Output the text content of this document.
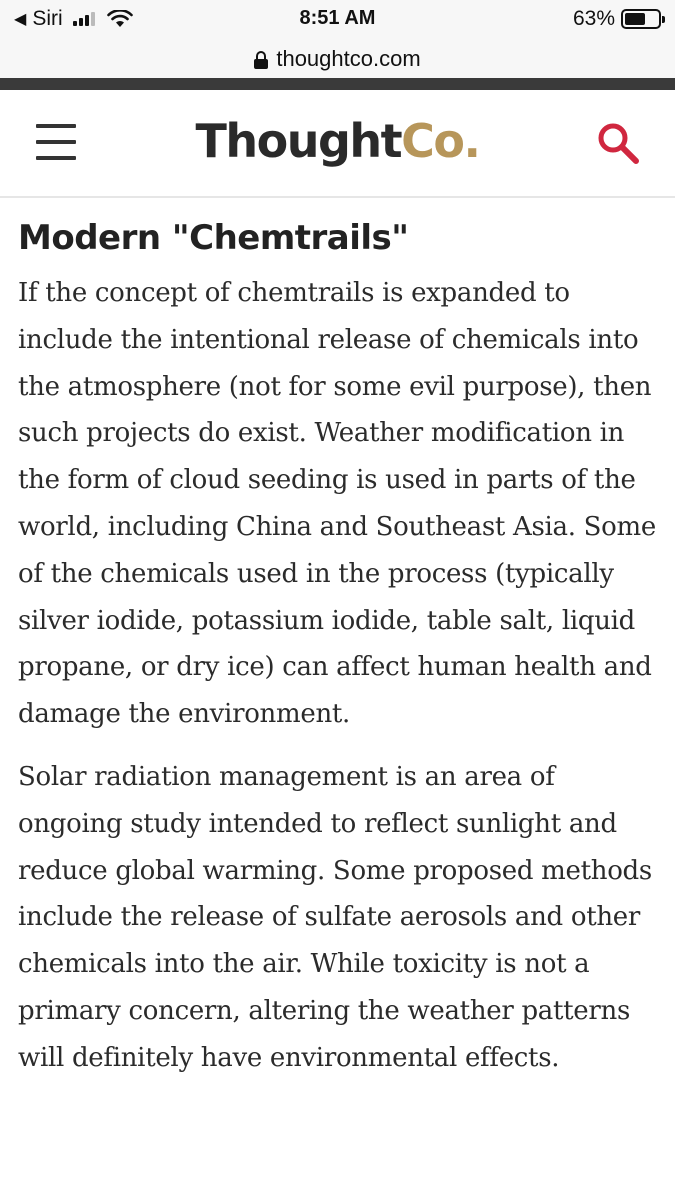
◀ Siri	8:51 AM	63%
thoughtco.com
ThoughtCo.
Modern "Chemtrails"

If the concept of chemtrails is expanded to include the intentional release of chemicals into the atmosphere (not for some evil purpose), then such projects do exist. Weather modification in the form of cloud seeding is used in parts of the world, including China and Southeast Asia. Some of the chemicals used in the process (typically silver iodide, potassium iodide, table salt, liquid propane, or dry ice) can affect human health and damage the environment.

Solar radiation management is an area of ongoing study intended to reflect sunlight and reduce global warming. Some proposed methods include the release of sulfate aerosols and other chemicals into the air. While toxicity is not a primary concern, altering the weather patterns will definitely have environmental effects.
